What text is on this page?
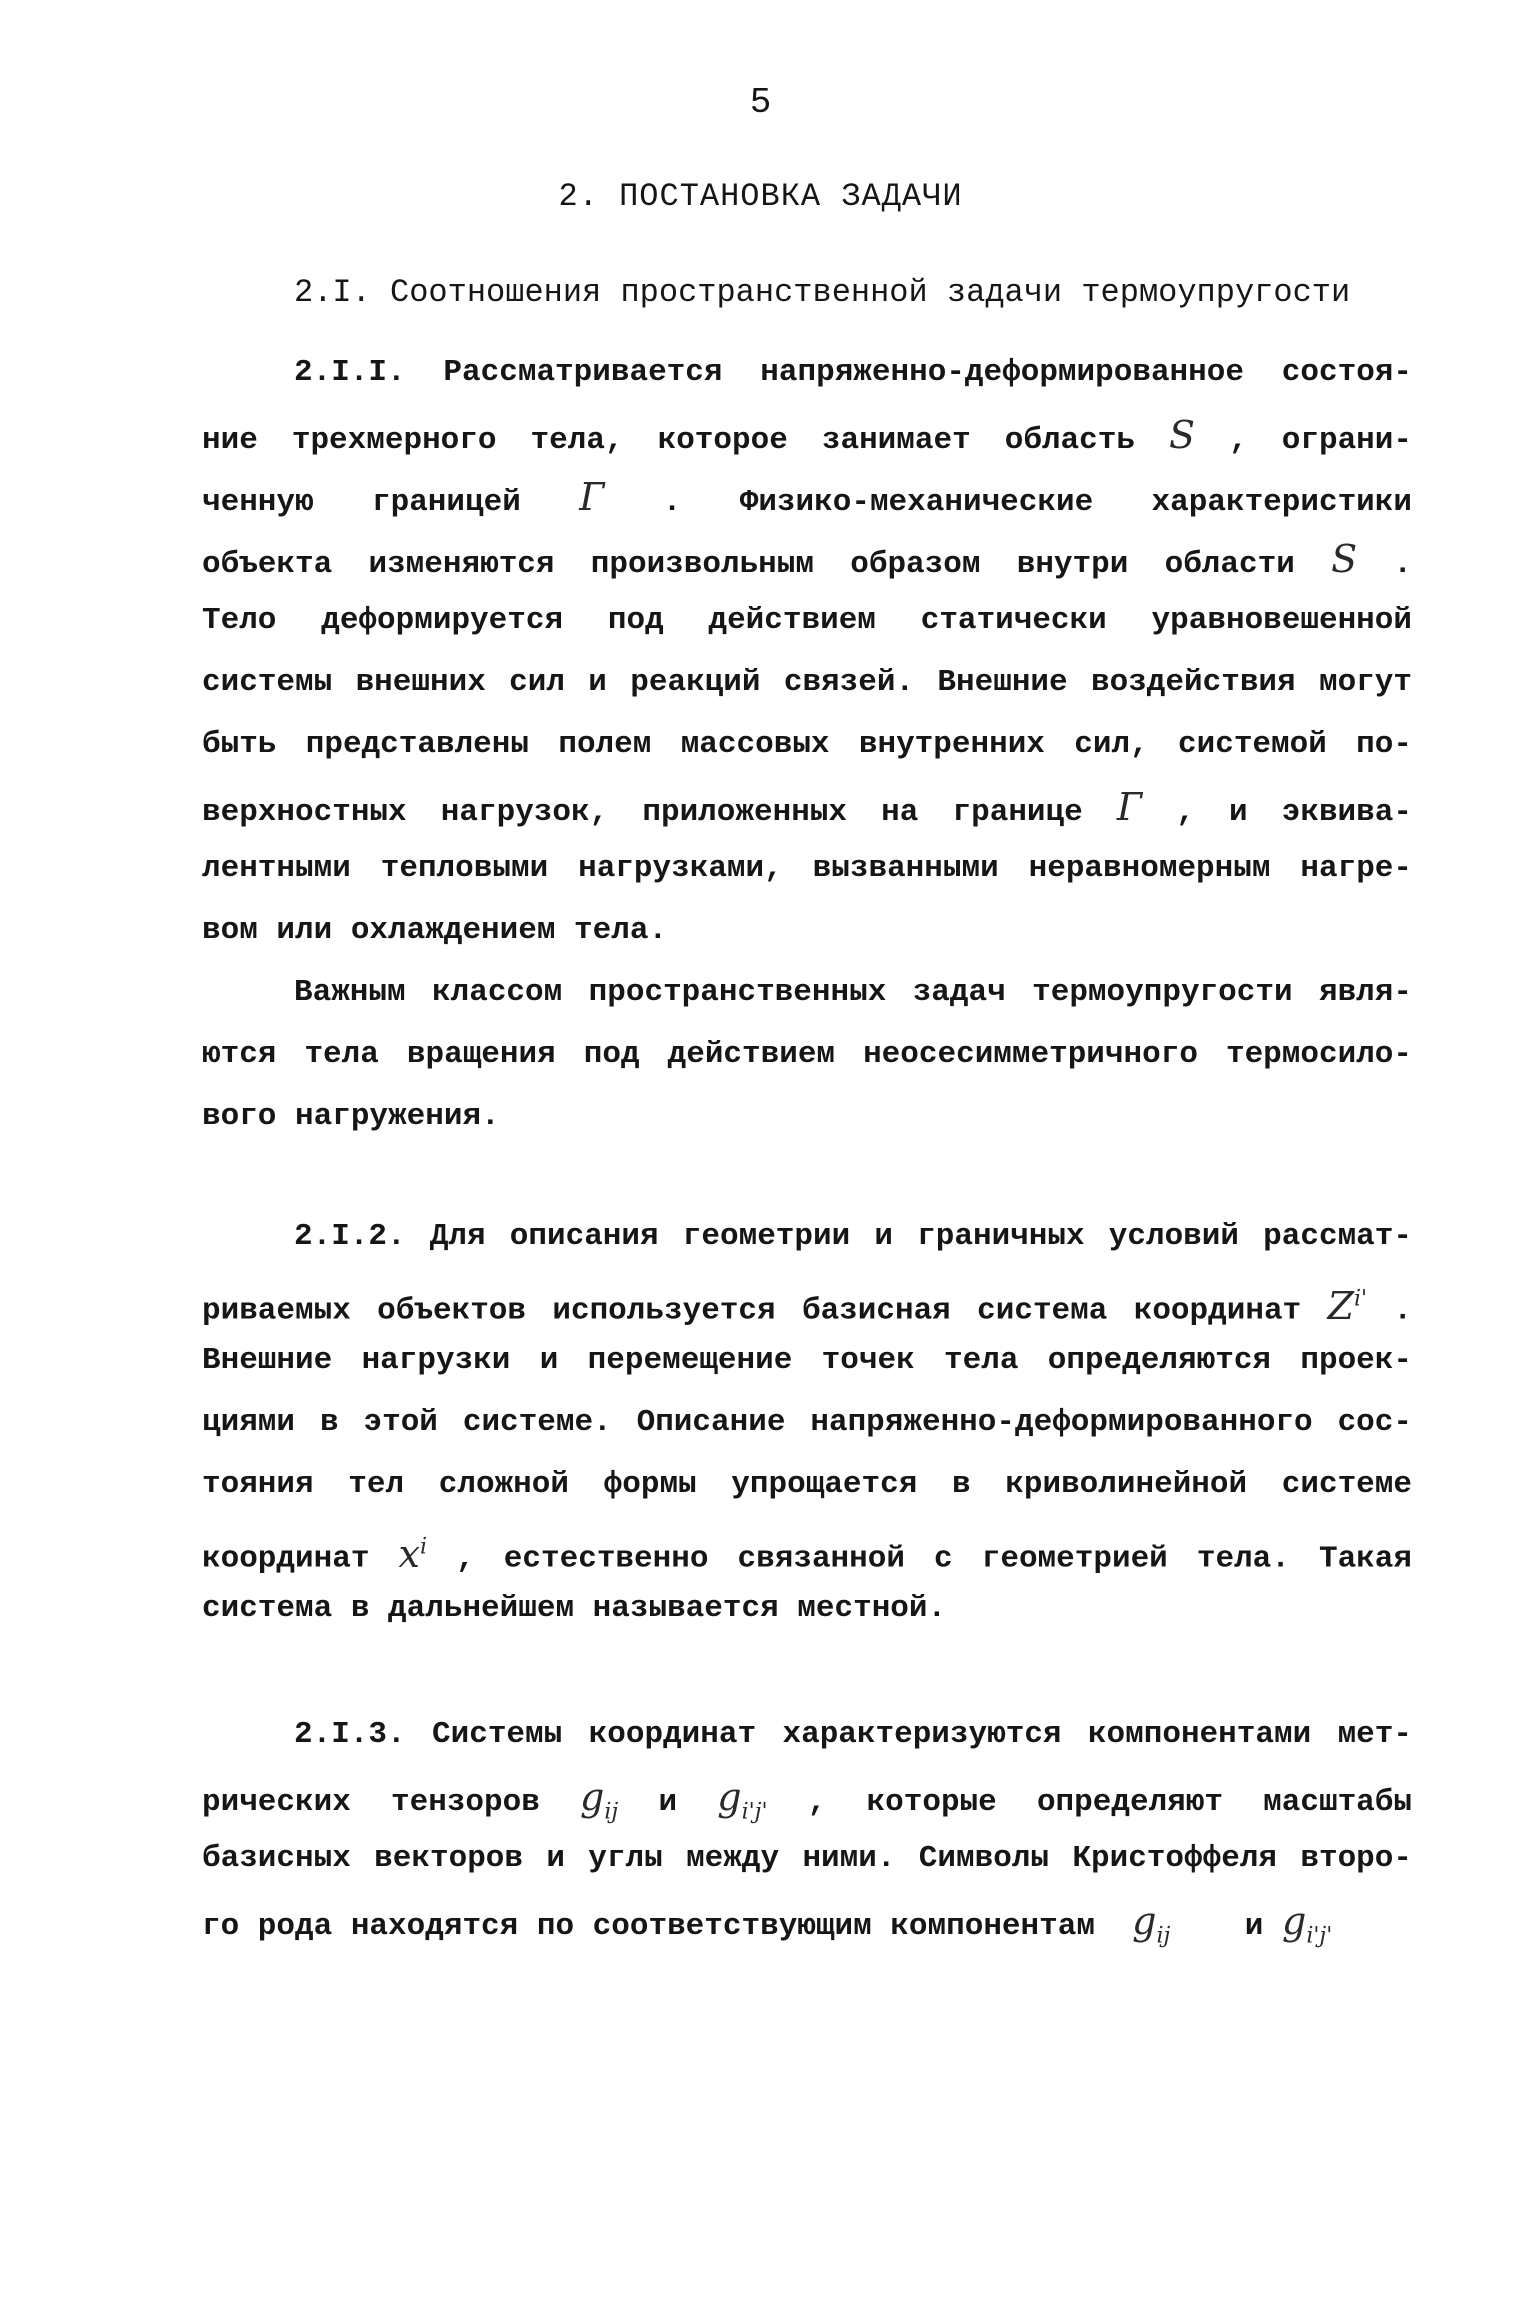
5
2. ПОСТАНОВКА ЗАДАЧИ
2.I. Соотношения пространственной задачи термоупругости
2.I.I. Рассматривается напряженно-деформированное состоя-
ние трехмерного тела, которое занимает область S , ограни-
ченную границей Г . Физико-механические характеристики
объекта изменяются произвольным образом внутри области S .
Тело деформируется под действием статически уравновешенной
системы внешних сил и реакций связей. Внешние воздействия могут
быть представлены полем массовых внутренних сил, системой по-
верхностных нагрузок, приложенных на границе Г , и эквива-
лентными тепловыми нагрузками, вызванными неравномерным нагре-
вом или охлаждением тела.
Важным классом пространственных задач термоупругости явля-
ются тела вращения под действием неосесимметричного термосило-
вого нагружения.
2.I.2. Для описания геометрии и граничных условий рассмат-
риваемых объектов используется базисная система координат $Z^{i'}$ .
Внешние нагрузки и перемещение точек тела определяются проек-
циями в этой системе. Описание напряженно-деформированного сос-
тояния тел сложной формы упрощается в криволинейной системе
координат $x^i$ , естественно связанной с геометрией тела. Такая
система в дальнейшем называется местной.
2.I.3. Системы координат характеризуются компонентами мет-
рических тензоров $g_{ij}$ и $g_{i'j'}$ , которые определяют масштабы
базисных векторов и углы между ними. Символы Кристоффеля второ-
го рода находятся по соответствующим компонентам $g_{ij}$ и $g_{i'j'}$
